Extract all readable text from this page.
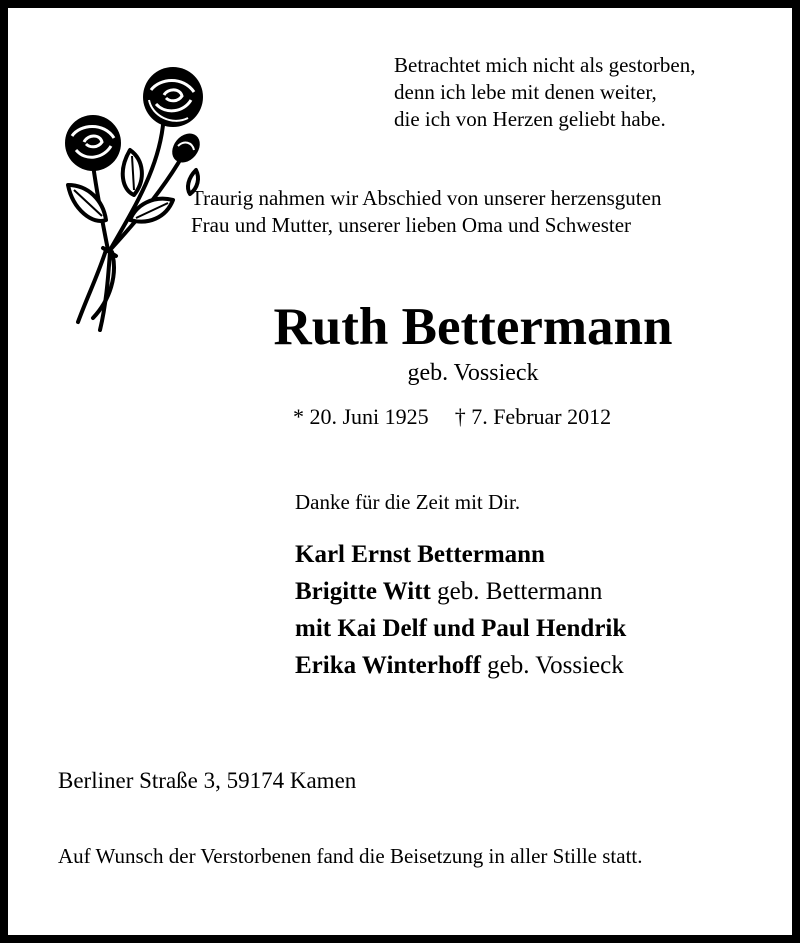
Betrachtet mich nicht als gestorben,
denn ich lebe mit denen weiter,
die ich von Herzen geliebt habe.
Traurig nahmen wir Abschied von unserer herzensguten
Frau und Mutter, unserer lieben Oma und Schwester
Ruth Bettermann
geb. Vossieck
* 20. Juni 1925 † 7. Februar 2012
Danke für die Zeit mit Dir.
Karl Ernst Bettermann
Brigitte Witt geb. Bettermann
mit Kai Delf und Paul Hendrik
Erika Winterhoff geb. Vossieck
Berliner Straße 3, 59174 Kamen
Auf Wunsch der Verstorbenen fand die Beisetzung in aller Stille statt.
